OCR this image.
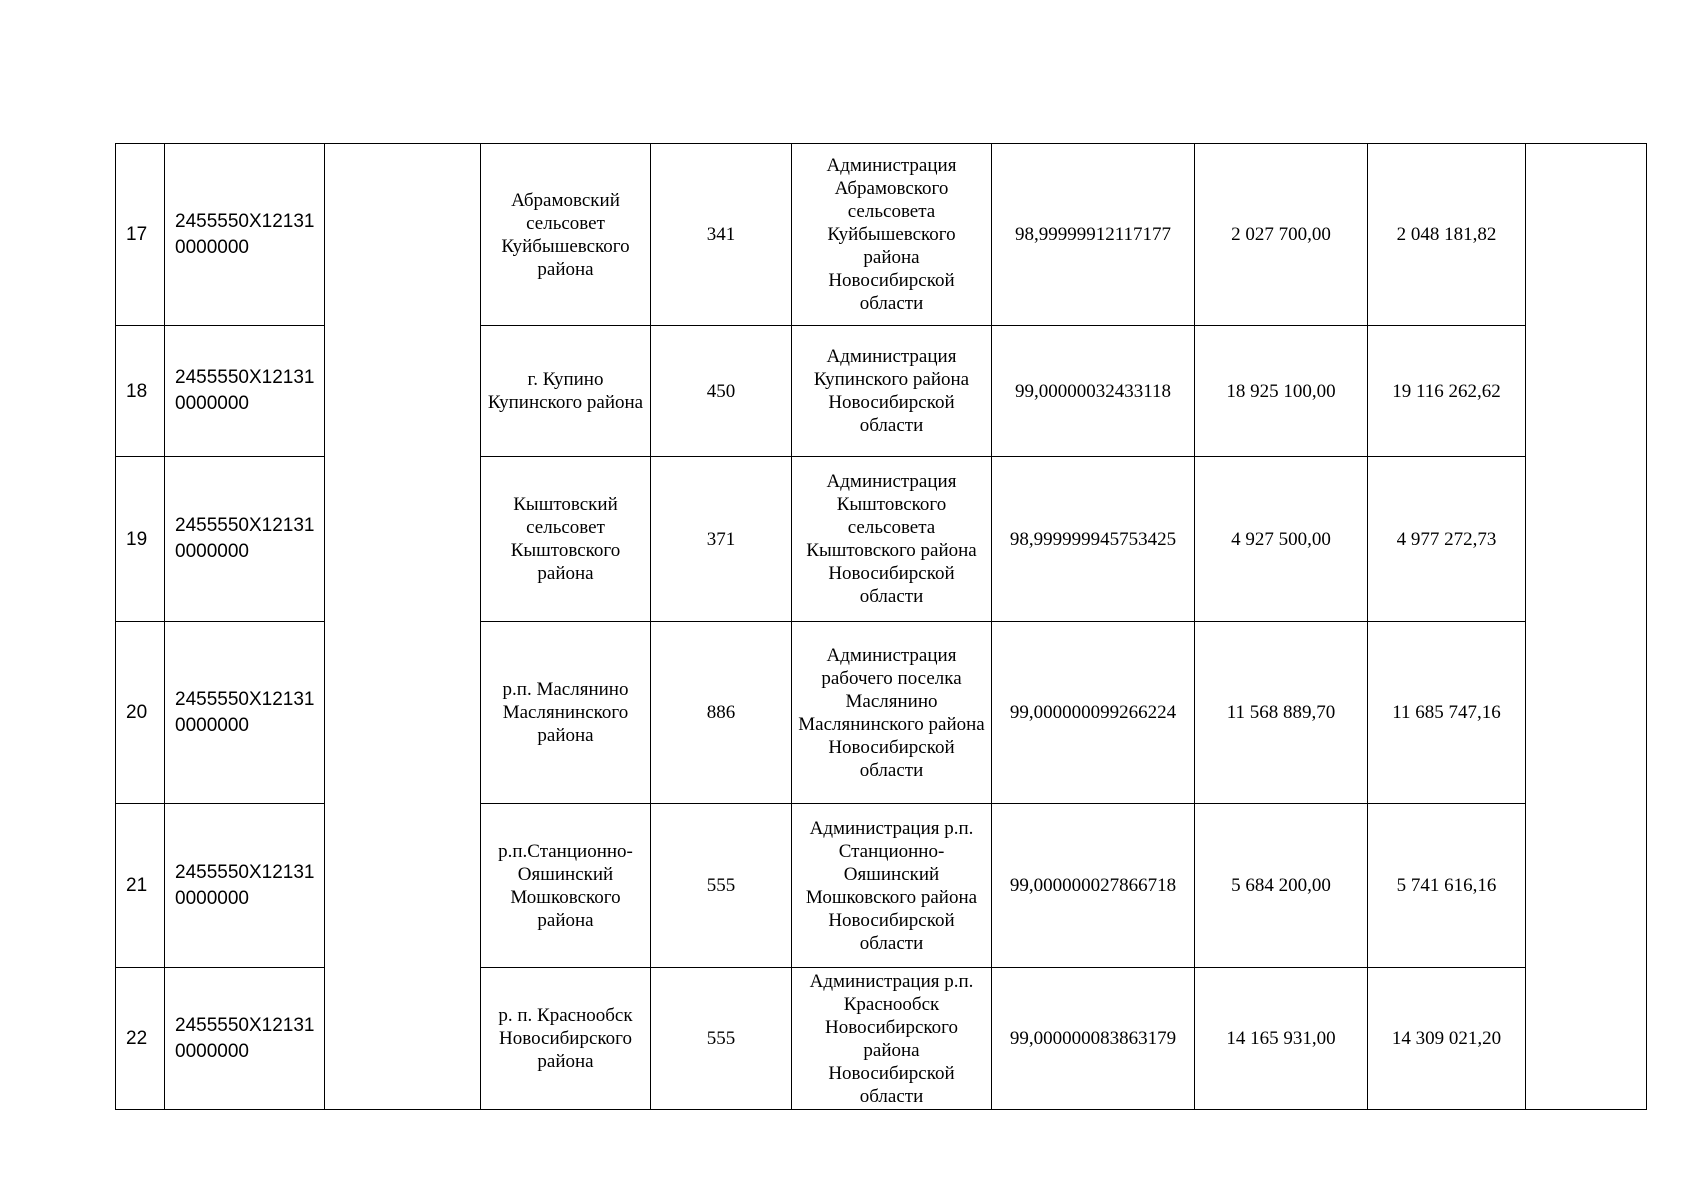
17	2455550X12131 0000000		Абрамовский сельсовет Куйбышевского района	341	Администрация Абрамовского сельсовета Куйбышевского района Новосибирской области	98,99999912117177	2 027 700,00	2 048 181,82	
18	2455550X12131 0000000		г. Купино Купинского района	450	Администрация Купинского района Новосибирской области	99,00000032433118	18 925 100,00	19 116 262,62	
19	2455550X12131 0000000		Кыштовский сельсовет Кыштовского района	371	Администрация Кыштовского сельсовета Кыштовского района Новосибирской области	98,999999945753425	4 927 500,00	4 977 272,73	
20	2455550X12131 0000000		р.п. Маслянино Маслянинского района	886	Администрация рабочего поселка Маслянино Маслянинского района Новосибирской области	99,000000099266224	11 568 889,70	11 685 747,16	
21	2455550X12131 0000000		р.п.Станционно-Ояшинский Мошковского района	555	Администрация р.п. Станционно-Ояшинский Мошковского района Новосибирской области	99,000000027866718	5 684 200,00	5 741 616,16	
22	2455550X12131 0000000		р. п. Краснообск Новосибирского района	555	Администрация р.п. Краснообск Новосибирского района Новосибирской области	99,000000083863179	14 165 931,00	14 309 021,20	
